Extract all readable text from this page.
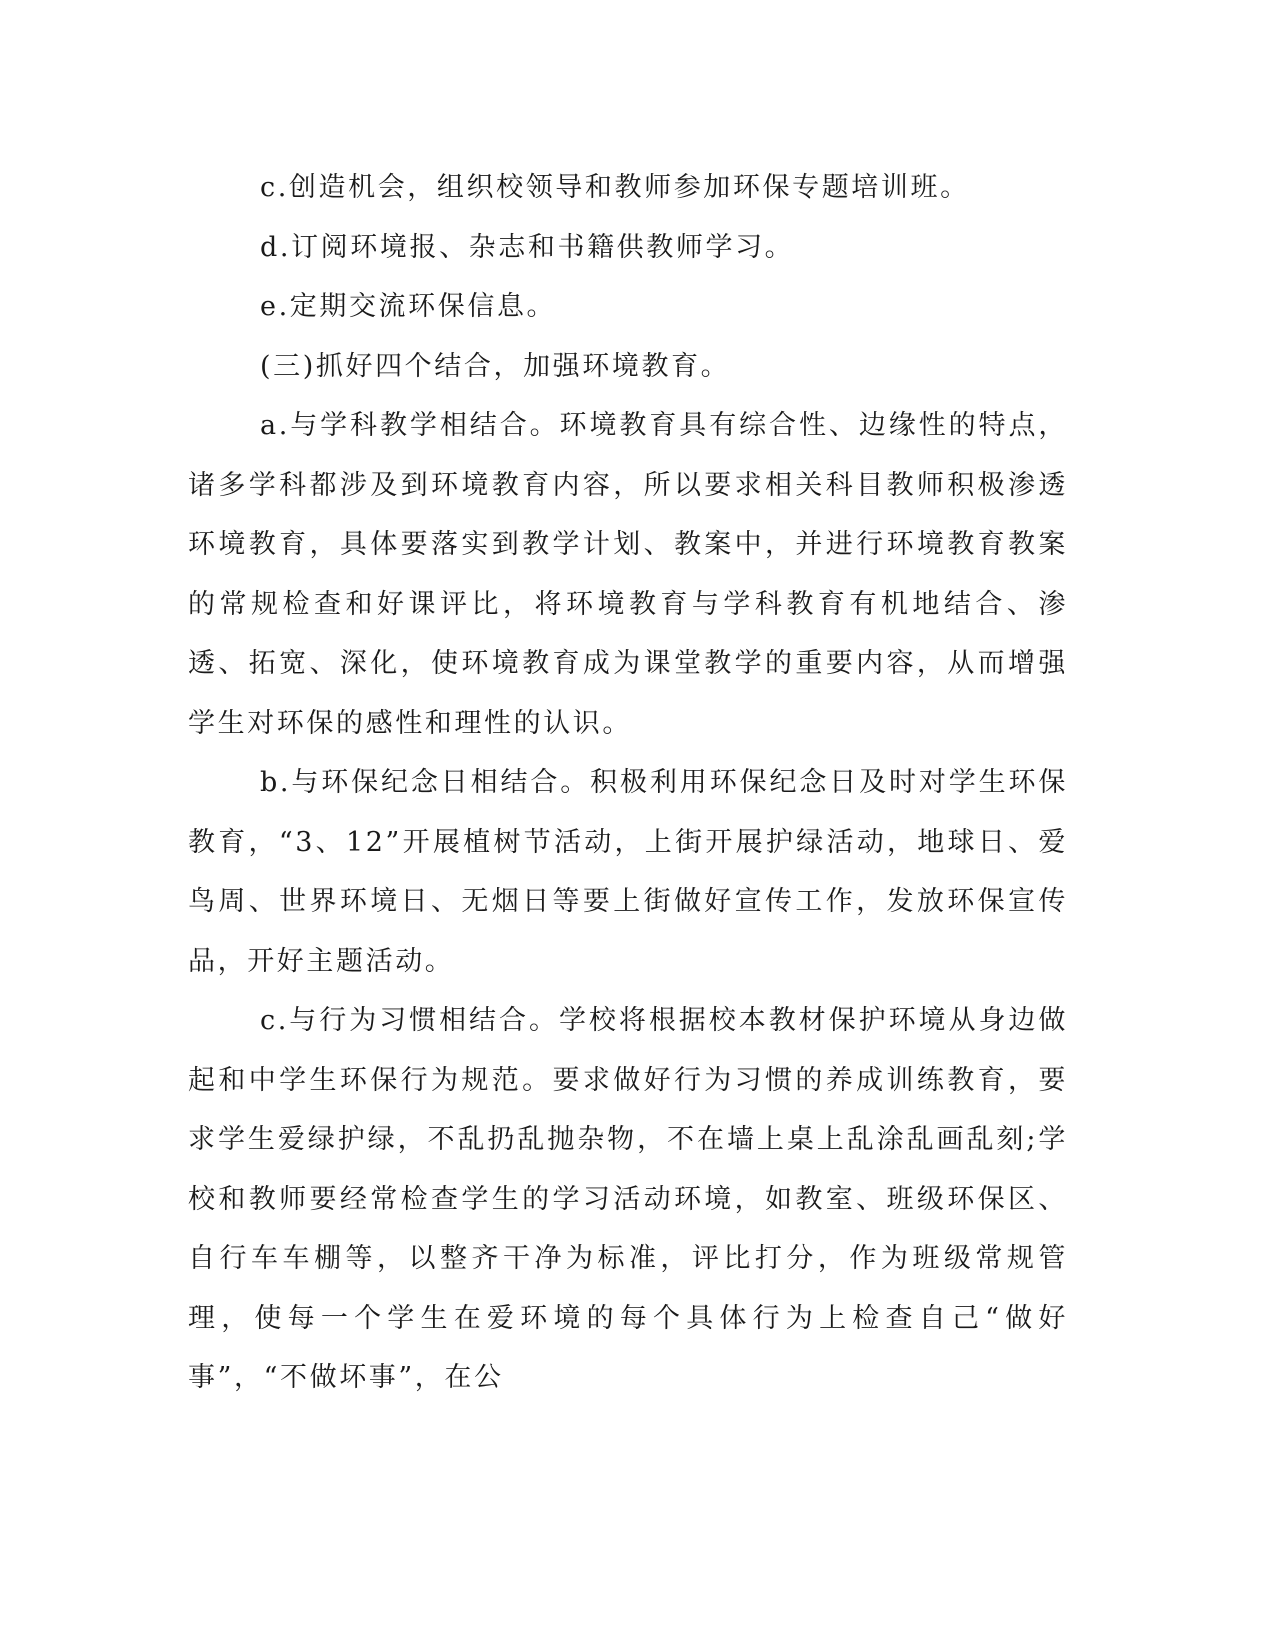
c.创造机会，组织校领导和教师参加环保专题培训班。

d.订阅环境报、杂志和书籍供教师学习。

e.定期交流环保信息。

(三)抓好四个结合，加强环境教育。

a.与学科教学相结合。环境教育具有综合性、边缘性的特点，诸多学科都涉及到环境教育内容，所以要求相关科目教师积极渗透环境教育，具体要落实到教学计划、教案中，并进行环境教育教案的常规检查和好课评比，将环境教育与学科教育有机地结合、渗透、拓宽、深化，使环境教育成为课堂教学的重要内容，从而增强学生对环保的感性和理性的认识。

b.与环保纪念日相结合。积极利用环保纪念日及时对学生环保教育，“3、12”开展植树节活动，上街开展护绿活动，地球日、爱鸟周、世界环境日、无烟日等要上街做好宣传工作，发放环保宣传品，开好主题活动。

c.与行为习惯相结合。学校将根据校本教材保护环境从身边做起和中学生环保行为规范。要求做好行为习惯的养成训练教育，要求学生爱绿护绿，不乱扔乱抛杂物，不在墙上桌上乱涂乱画乱刻;学校和教师要经常检查学生的学习活动环境，如教室、班级环保区、自行车车棚等，以整齐干净为标准，评比打分，作为班级常规管理，使每一个学生在爱环境的每个具体行为上检查自己“做好事”，“不做坏事”，在公
